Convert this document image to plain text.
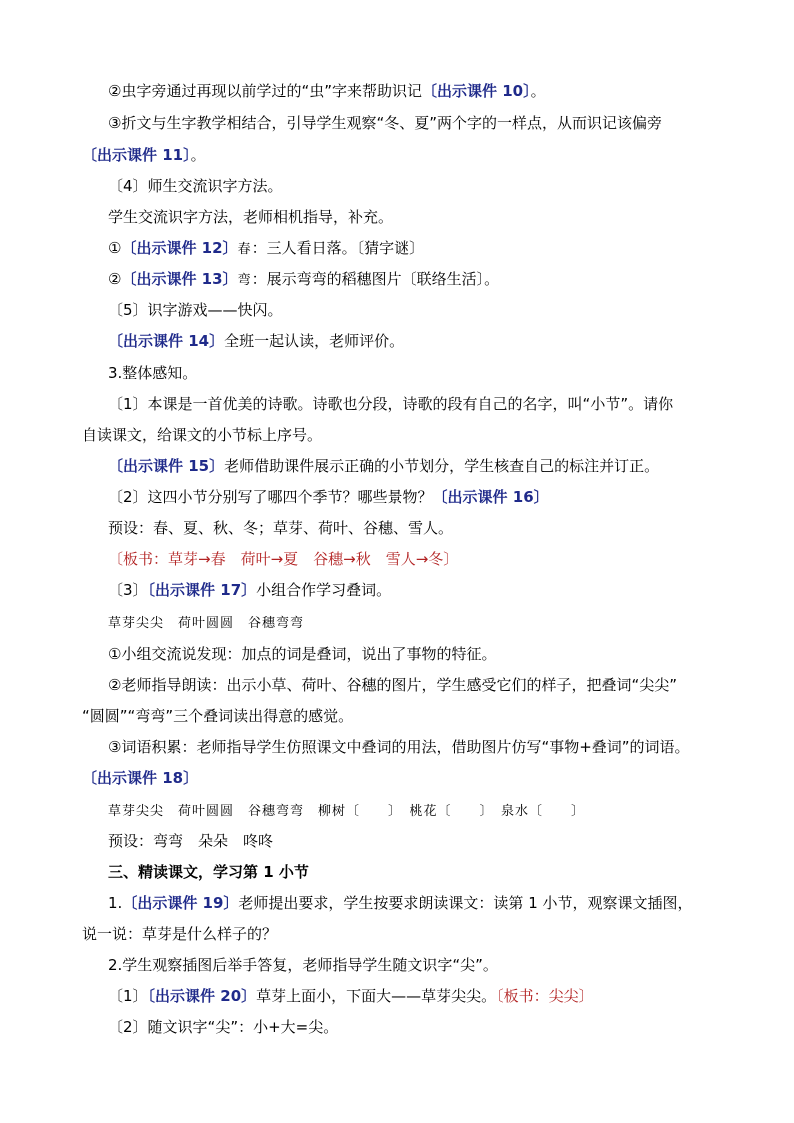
②虫字旁通过再现以前学过的“虫”字来帮助识记〔出示课件 10〕。
③折文与生字教学相结合，引导学生观察“冬、夏”两个字的一样点，从而识记该偏旁
〔出示课件 11〕。
〔4〕师生交流识字方法。
学生交流识字方法，老师相机指导，补充。
①〔出示课件 12〕春：三人看日落。〔猜字谜〕
②〔出示课件 13〕弯：展示弯弯的稻穗图片〔联络生活〕。
〔5〕识字游戏——快闪。
〔出示课件 14〕全班一起认读，老师评价。
3.整体感知。
〔1〕本课是一首优美的诗歌。诗歌也分段，诗歌的段有自己的名字，叫“小节”。请你
自读课文，给课文的小节标上序号。
〔出示课件 15〕老师借助课件展示正确的小节划分，学生核查自己的标注并订正。
〔2〕这四小节分别写了哪四个季节？哪些景物？〔出示课件 16〕
预设：春、夏、秋、冬；草芽、荷叶、谷穗、雪人。
〔板书：草芽→春　荷叶→夏　谷穗→秋　雪人→冬〕
〔3〕〔出示课件 17〕小组合作学习叠词。
草芽尖尖　荷叶圆圆　谷穗弯弯
①小组交流说发现：加点的词是叠词，说出了事物的特征。
②老师指导朗读：出示小草、荷叶、谷穗的图片，学生感受它们的样子，把叠词“尖尖”
“圆圆”“弯弯”三个叠词读出得意的感觉。
③词语积累：老师指导学生仿照课文中叠词的用法，借助图片仿写“事物+叠词”的词语。
〔出示课件 18〕
草芽尖尖　荷叶圆圆　谷穗弯弯　柳树〔　　〕　桃花〔　　〕　泉水〔　　〕
预设：弯弯　朵朵　咚咚
三、精读课文，学习第 1 小节
1.〔出示课件 19〕老师提出要求，学生按要求朗读课文：读第 1 小节，观察课文插图，
说一说：草芽是什么样子的？
2.学生观察插图后举手答复，老师指导学生随文识字“尖”。
〔1〕〔出示课件 20〕草芽上面小，下面大——草芽尖尖。〔板书：尖尖〕
〔2〕随文识字“尖”：小+大=尖。
